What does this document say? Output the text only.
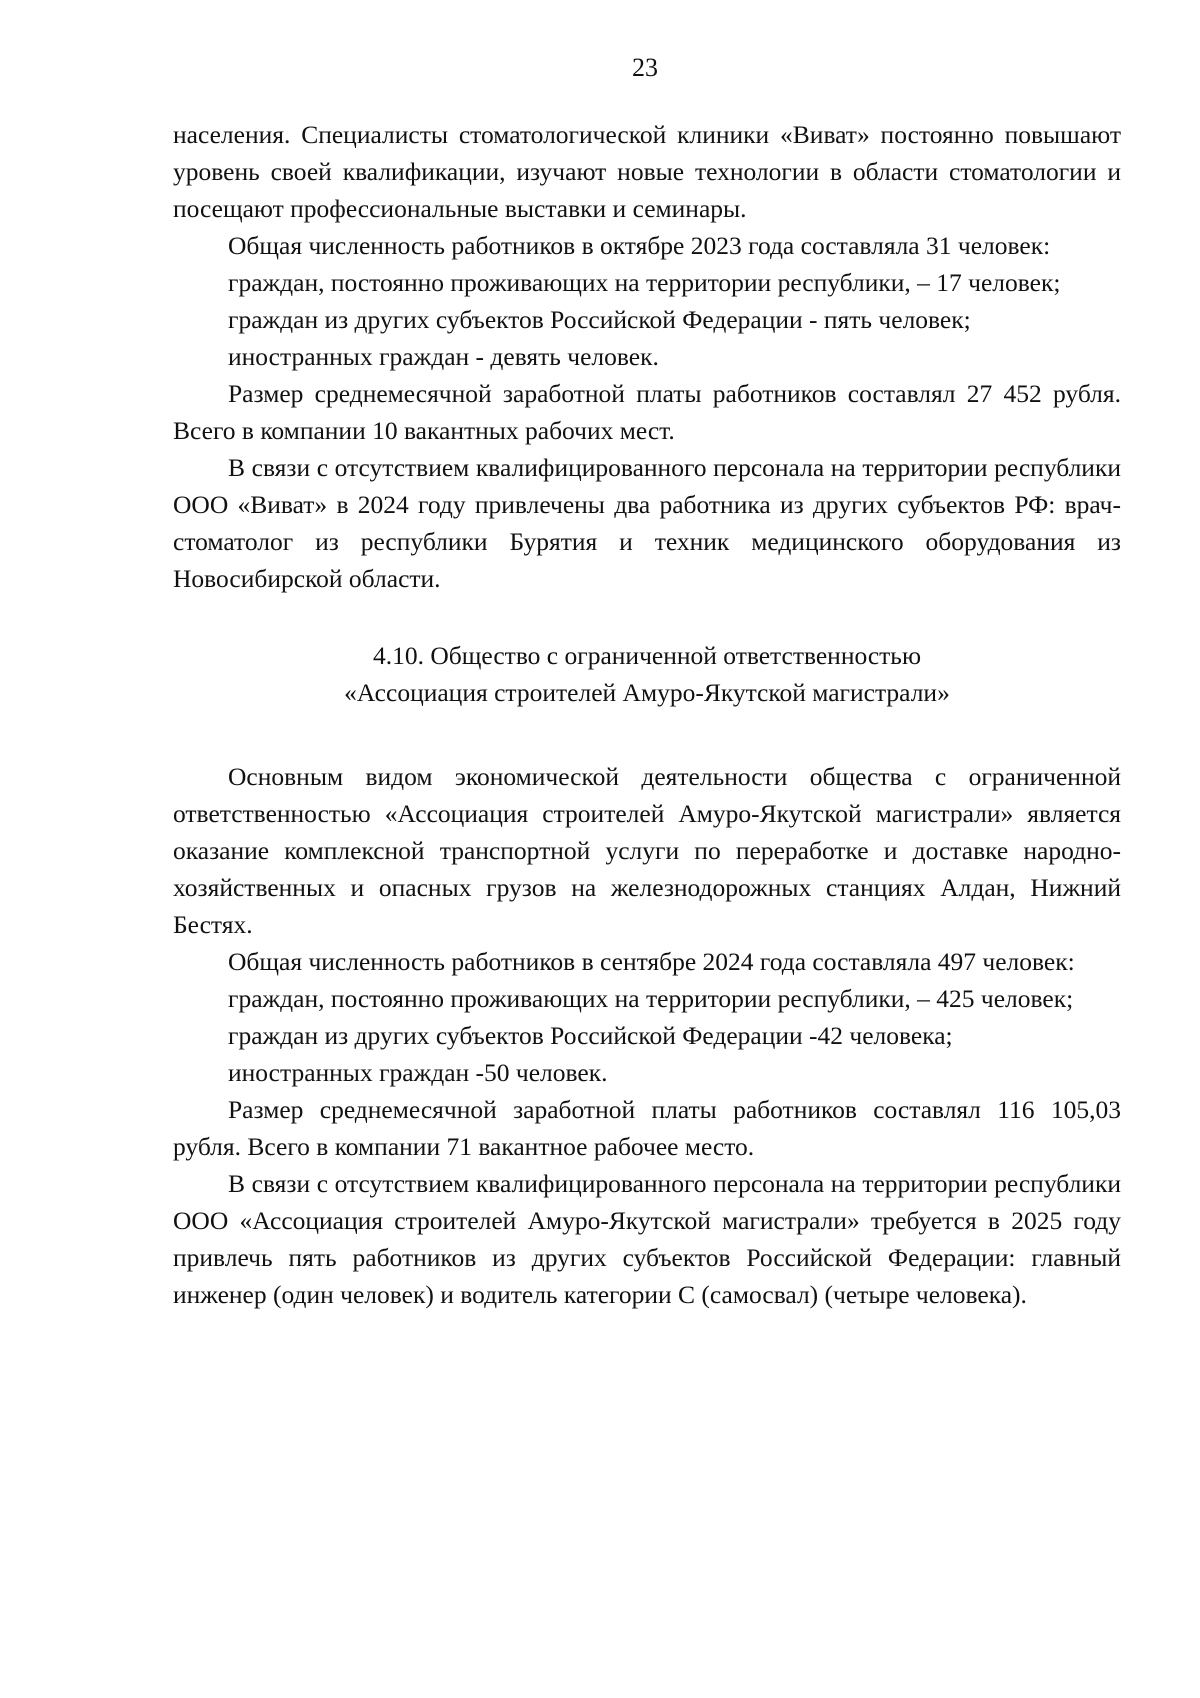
23

населения. Специалисты стоматологической клиники «Виват» постоянно повышают уровень своей квалификации, изучают новые технологии в области стоматологии и посещают профессиональные выставки и семинары.

Общая численность работников в октябре 2023 года составляла 31 человек:

граждан, постоянно проживающих на территории республики, – 17 человек;

граждан из других субъектов Российской Федерации - пять человек;

иностранных граждан - девять человек.

Размер среднемесячной заработной платы работников составлял 27 452 рубля. Всего в компании 10 вакантных рабочих мест.

В связи с отсутствием квалифицированного персонала на территории республики ООО «Виват» в 2024 году привлечены два работника из других субъектов РФ: врач-стоматолог из республики Бурятия и техник медицинского оборудования из Новосибирской области.

4.10. Общество с ограниченной ответственностью
«Ассоциация строителей Амуро-Якутской магистрали»

Основным видом экономической деятельности общества с ограниченной ответственностью «Ассоциация строителей Амуро-Якутской магистрали» является оказание комплексной транспортной услуги по переработке и доставке народно-хозяйственных и опасных грузов на железнодорожных станциях Алдан, Нижний Бестях.

Общая численность работников в сентябре 2024 года составляла 497 человек:

граждан, постоянно проживающих на территории республики, – 425 человек;

граждан из других субъектов Российской Федерации -42 человека;

иностранных граждан -50 человек.

Размер среднемесячной заработной платы работников составлял 116 105,03 рубля. Всего в компании 71 вакантное рабочее место.

В связи с отсутствием квалифицированного персонала на территории республики ООО «Ассоциация строителей Амуро-Якутской магистрали» требуется в 2025 году привлечь пять работников из других субъектов Российской Федерации: главный инженер (один человек) и водитель категории С (самосвал) (четыре человека).
